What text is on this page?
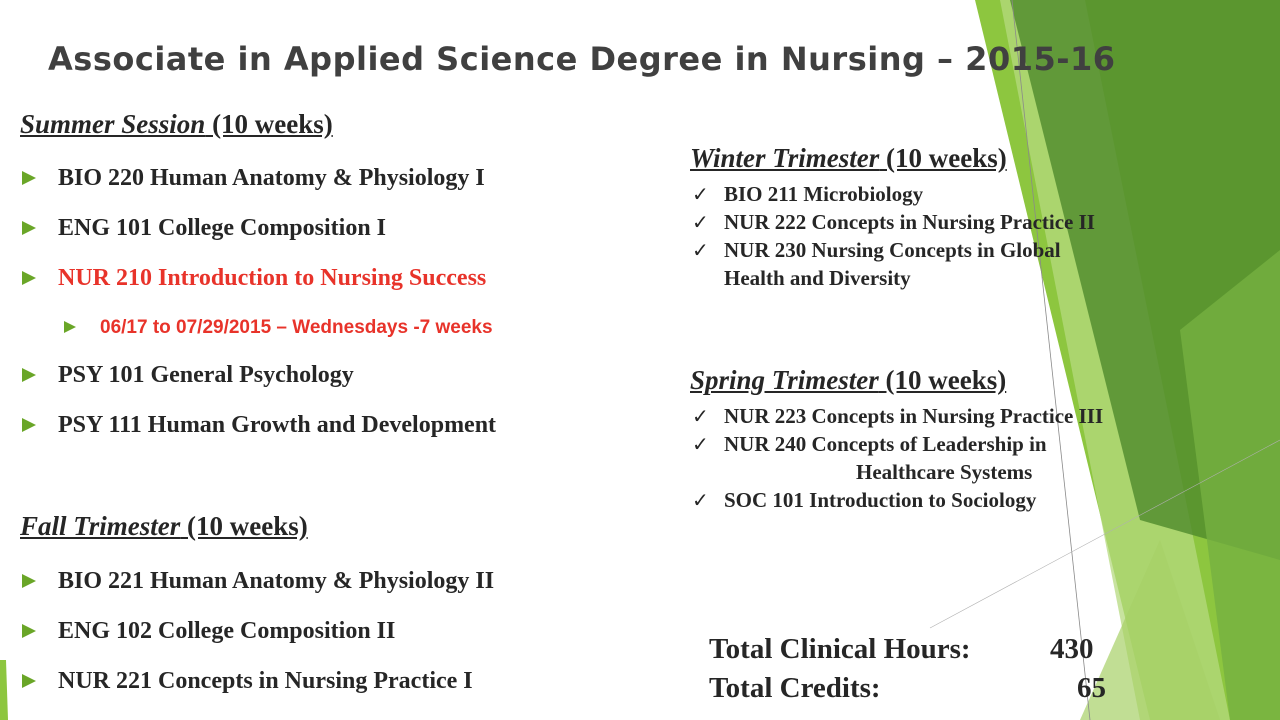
Associate in Applied Science Degree in Nursing – 2015-16
Summer Session (10 weeks)
BIO 220 Human Anatomy & Physiology I
ENG 101 College Composition I
NUR 210 Introduction to Nursing Success
06/17 to 07/29/2015 – Wednesdays -7 weeks
PSY 101 General Psychology
PSY 111 Human Growth and Development
Fall Trimester (10 weeks)
BIO 221 Human Anatomy & Physiology II
ENG 102 College Composition II
NUR 221 Concepts in Nursing Practice I
Winter Trimester (10 weeks)
✓ BIO 211 Microbiology
✓ NUR 222 Concepts in Nursing Practice II
✓ NUR 230 Nursing Concepts in Global
Health and Diversity
Spring Trimester (10 weeks)
✓ NUR 223 Concepts in Nursing Practice III
✓ NUR 240 Concepts of Leadership in
Healthcare Systems
✓ SOC 101 Introduction to Sociology
Total Clinical Hours:	430
Total Credits:	65
